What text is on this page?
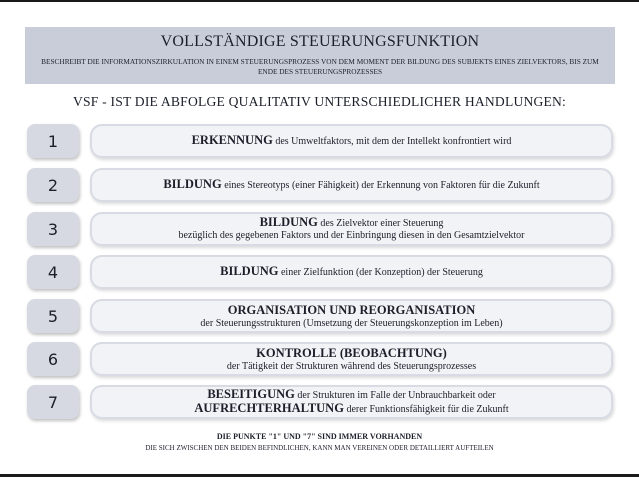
VOLLSTÄNDIGE STEUERUNGSFUNKTION
BESCHREIBT DIE INFORMATIONSZIRKULATION IN EINEM STEUERUNGSPROZESS VON DEM MOMENT DER BILDUNG DES SUBJEKTS EINES ZIELVEKTORS, BIS ZUM ENDE DES STEUERUNGSPROZESSES
VSF - IST DIE ABFOLGE QUALITATIV UNTERSCHIEDLICHER HANDLUNGEN:
1	ERKENNUNG des Umweltfaktors, mit dem der Intellekt konfrontiert wird
2	BILDUNG eines Stereotyps (einer Fähigkeit) der Erkennung von Faktoren für die Zukunft
3	BILDUNG des Zielvektor einer Steuerung
bezüglich des gegebenen Faktors und der Einbringung diesen in den Gesamtzielvektor
4	BILDUNG einer Zielfunktion (der Konzeption) der Steuerung
5	ORGANISATION UND REORGANISATION
der Steuerungsstrukturen (Umsetzung der Steuerungskonzeption im Leben)
6	KONTROLLE (BEOBACHTUNG)
der Tätigkeit der Strukturen während des Steuerungsprozesses
7	BESEITIGUNG der Strukturen im Falle der Unbrauchbarkeit oder
AUFRECHTERHALTUNG derer Funktionsfähigkeit für die Zukunft
DIE PUNKTE "1" UND "7" SIND IMMER VORHANDEN
DIE SICH ZWISCHEN DEN BEIDEN BEFINDLICHEN, KANN MAN VEREINEN ODER DETAILLIERT AUFTEILEN
